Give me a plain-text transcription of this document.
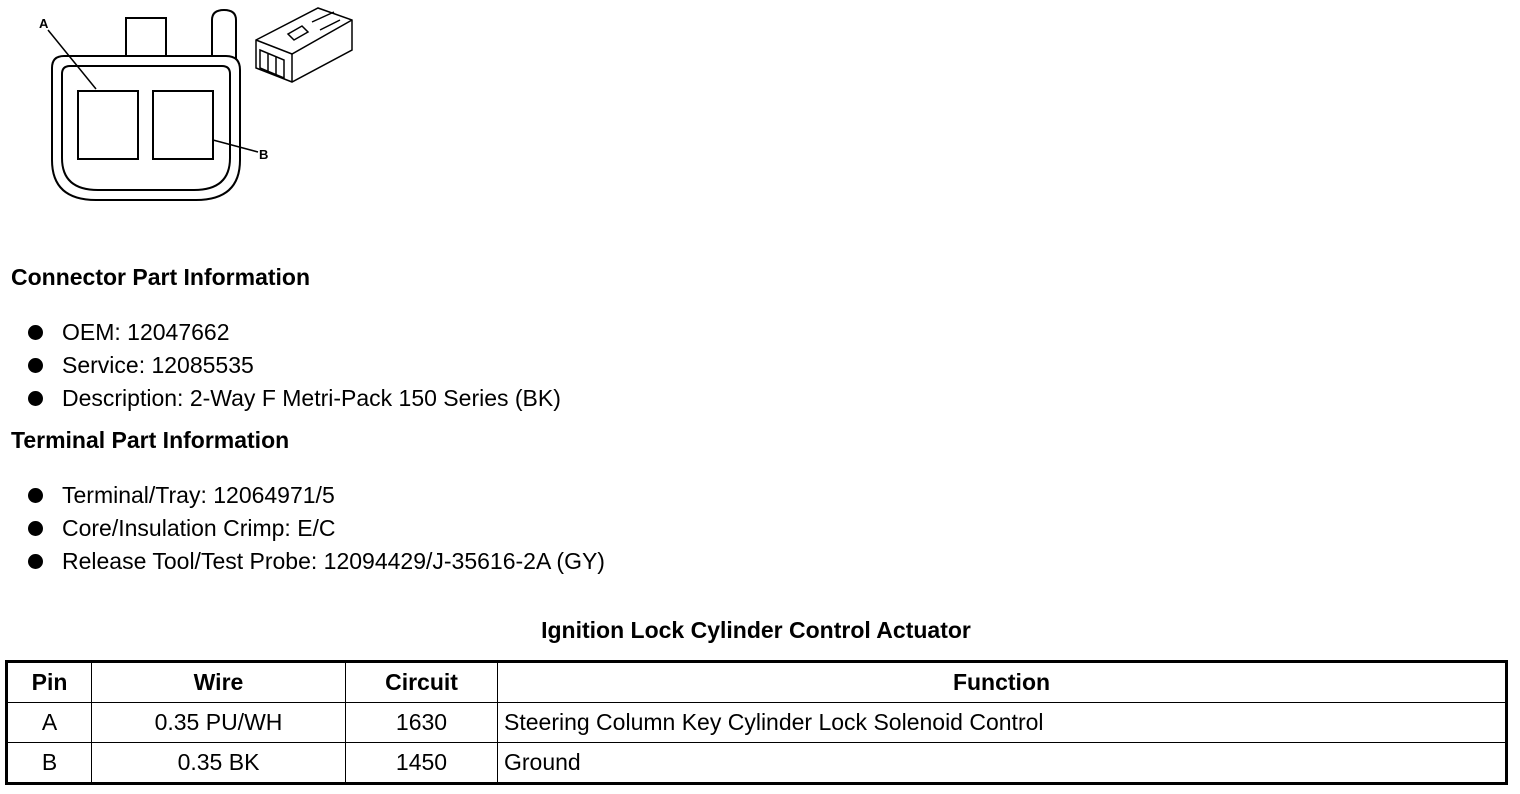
A
B
Connector Part Information
OEM: 12047662
Service: 12085535
Description: 2-Way F Metri-Pack 150 Series (BK)
Terminal Part Information
Terminal/Tray: 12064971/5
Core/Insulation Crimp: E/C
Release Tool/Test Probe: 12094429/J-35616-2A (GY)
Ignition Lock Cylinder Control Actuator
Pin	Wire	Circuit	Function
A	0.35 PU/WH	1630	Steering Column Key Cylinder Lock Solenoid Control
B	0.35 BK	1450	Ground
